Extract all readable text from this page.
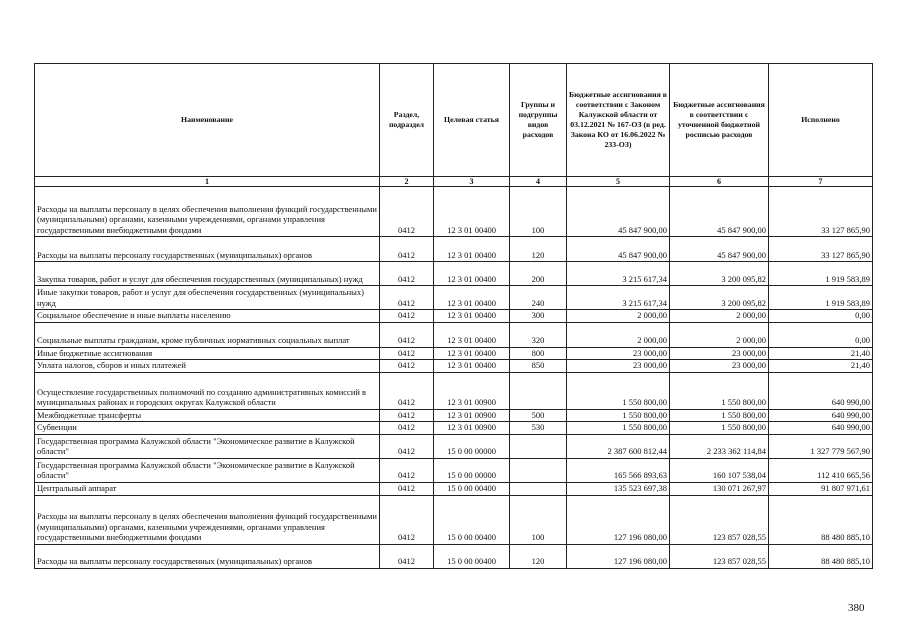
Наименование	Раздел, подраздел	Целевая статья	Группы и подгруппы видов расходов	Бюджетные ассигнования в соответствии с Законом Калужской области от 03.12.2021 № 167-ОЗ (в ред. Закона КО от 16.06.2022 № 233-ОЗ)	Бюджетные ассигнования в соответствии с уточненной бюджетной росписью расходов	Исполнено
1	2	3	4	5	6	7
Расходы на выплаты персоналу в целях обеспечения выполнения функций государственными (муниципальными) органами, казенными учреждениями, органами управления государственными внебюджетными фондами	0412	12 3 01 00400	100	45 847 900,00	45 847 900,00	33 127 865,90
Расходы на выплаты персоналу государственных (муниципальных) органов	0412	12 3 01 00400	120	45 847 900,00	45 847 900,00	33 127 865,90
Закупка товаров, работ и услуг для обеспечения государственных (муниципальных) нужд	0412	12 3 01 00400	200	3 215 617,34	3 200 095,82	1 919 583,89
Иные закупки товаров, работ и услуг для обеспечения государственных (муниципальных) нужд	0412	12 3 01 00400	240	3 215 617,34	3 200 095,82	1 919 583,89
Социальное обеспечение и иные выплаты населению	0412	12 3 01 00400	300	2 000,00	2 000,00	0,00
Социальные выплаты гражданам, кроме публичных нормативных социальных выплат	0412	12 3 01 00400	320	2 000,00	2 000,00	0,00
Иные бюджетные ассигнования	0412	12 3 01 00400	800	23 000,00	23 000,00	21,40
Уплата налогов, сборов и иных платежей	0412	12 3 01 00400	850	23 000,00	23 000,00	21,40
Осуществление государственных полномочий по созданию административных комиссий в муниципальных районах и городских округах Калужской области	0412	12 3 01 00900		1 550 800,00	1 550 800,00	640 990,00
Межбюджетные трансферты	0412	12 3 01 00900	500	1 550 800,00	1 550 800,00	640 990,00
Субвенции	0412	12 3 01 00900	530	1 550 800,00	1 550 800,00	640 990,00
Государственная программа Калужской области "Экономическое развитие в Калужской области"	0412	15 0 00 00000		2 387 600 812,44	2 233 362 114,84	1 327 779 567,90
Государственная программа Калужской области "Экономическое развитие в Калужской области"	0412	15 0 00 00000		165 566 893,63	160 107 538,04	112 410 665,56
Центральный аппарат	0412	15 0 00 00400		135 523 697,38	130 071 267,97	91 807 971,61
Расходы на выплаты персоналу в целях обеспечения выполнения функций государственными (муниципальными) органами, казенными учреждениями, органами управления государственными внебюджетными фондами	0412	15 0 00 00400	100	127 196 080,00	123 857 028,55	88 480 885,10
Расходы на выплаты персоналу государственных (муниципальных) органов	0412	15 0 00 00400	120	127 196 080,00	123 857 028,55	88 480 885,10
380
